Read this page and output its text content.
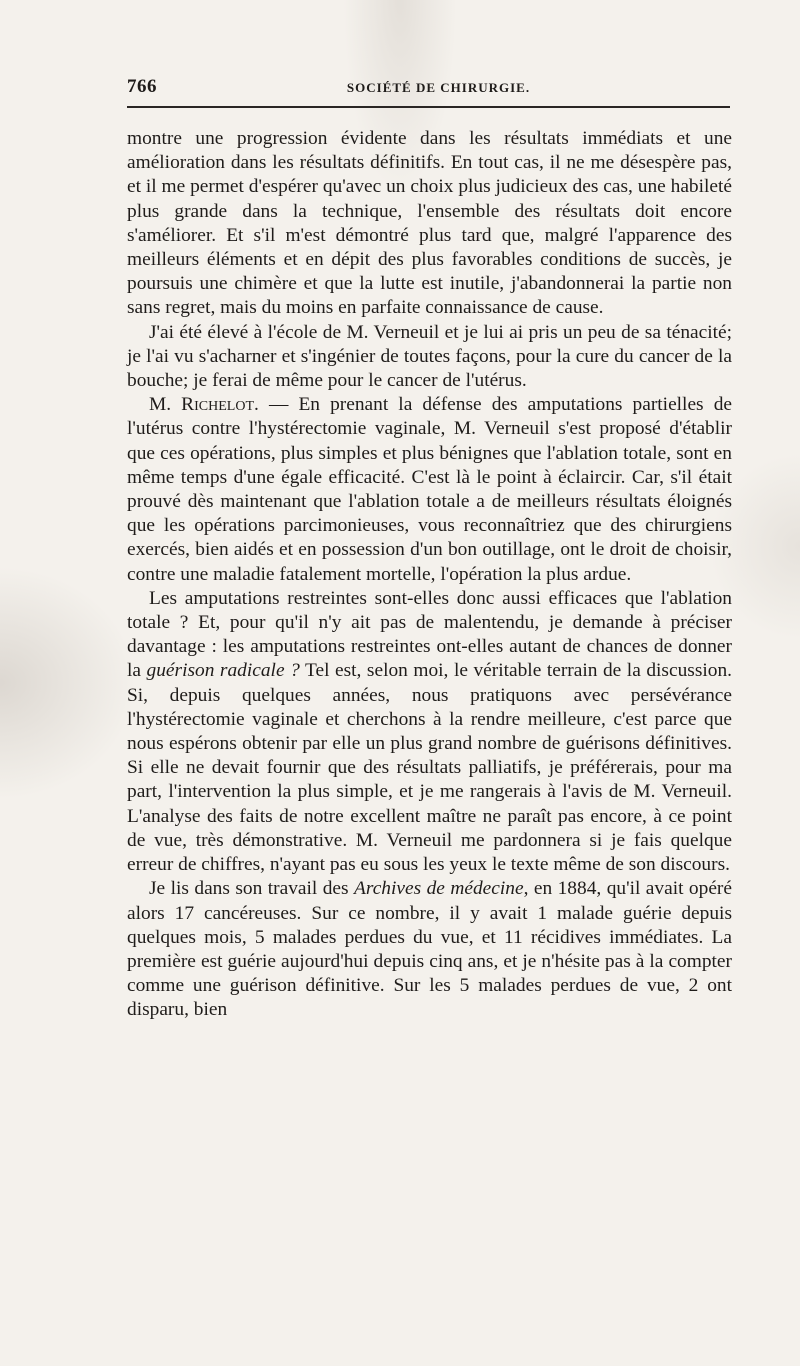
766	SOCIÉTÉ DE CHIRURGIE.

montre une progression évidente dans les résultats immédiats et une amélioration dans les résultats définitifs. En tout cas, il ne me désespère pas, et il me permet d'espérer qu'avec un choix plus judicieux des cas, une habileté plus grande dans la technique, l'ensemble des résultats doit encore s'améliorer. Et s'il m'est démontré plus tard que, malgré l'apparence des meilleurs éléments et en dépit des plus favorables conditions de succès, je poursuis une chimère et que la lutte est inutile, j'abandonnerai la partie non sans regret, mais du moins en parfaite connaissance de cause.

J'ai été élevé à l'école de M. Verneuil et je lui ai pris un peu de sa ténacité; je l'ai vu s'acharner et s'ingénier de toutes façons, pour la cure du cancer de la bouche; je ferai de même pour le cancer de l'utérus.

M. Richelot. — En prenant la défense des amputations partielles de l'utérus contre l'hystérectomie vaginale, M. Verneuil s'est proposé d'établir que ces opérations, plus simples et plus bénignes que l'ablation totale, sont en même temps d'une égale efficacité. C'est là le point à éclaircir. Car, s'il était prouvé dès maintenant que l'ablation totale a de meilleurs résultats éloignés que les opérations parcimonieuses, vous reconnaîtriez que des chirurgiens exercés, bien aidés et en possession d'un bon outillage, ont le droit de choisir, contre une maladie fatalement mortelle, l'opération la plus ardue.

Les amputations restreintes sont-elles donc aussi efficaces que l'ablation totale ? Et, pour qu'il n'y ait pas de malentendu, je demande à préciser davantage : les amputations restreintes ont-elles autant de chances de donner la guérison radicale ? Tel est, selon moi, le véritable terrain de la discussion. Si, depuis quelques années, nous pratiquons avec persévérance l'hystérectomie vaginale et cherchons à la rendre meilleure, c'est parce que nous espérons obtenir par elle un plus grand nombre de guérisons définitives. Si elle ne devait fournir que des résultats palliatifs, je préférerais, pour ma part, l'intervention la plus simple, et je me rangerais à l'avis de M. Verneuil. L'analyse des faits de notre excellent maître ne paraît pas encore, à ce point de vue, très démonstrative. M. Verneuil me pardonnera si je fais quelque erreur de chiffres, n'ayant pas eu sous les yeux le texte même de son discours.

Je lis dans son travail des Archives de médecine, en 1884, qu'il avait opéré alors 17 cancéreuses. Sur ce nombre, il y avait 1 malade guérie depuis quelques mois, 5 malades perdues du vue, et 11 récidives immédiates. La première est guérie aujourd'hui depuis cinq ans, et je n'hésite pas à la compter comme une guérison définitive. Sur les 5 malades perdues de vue, 2 ont disparu, bien
